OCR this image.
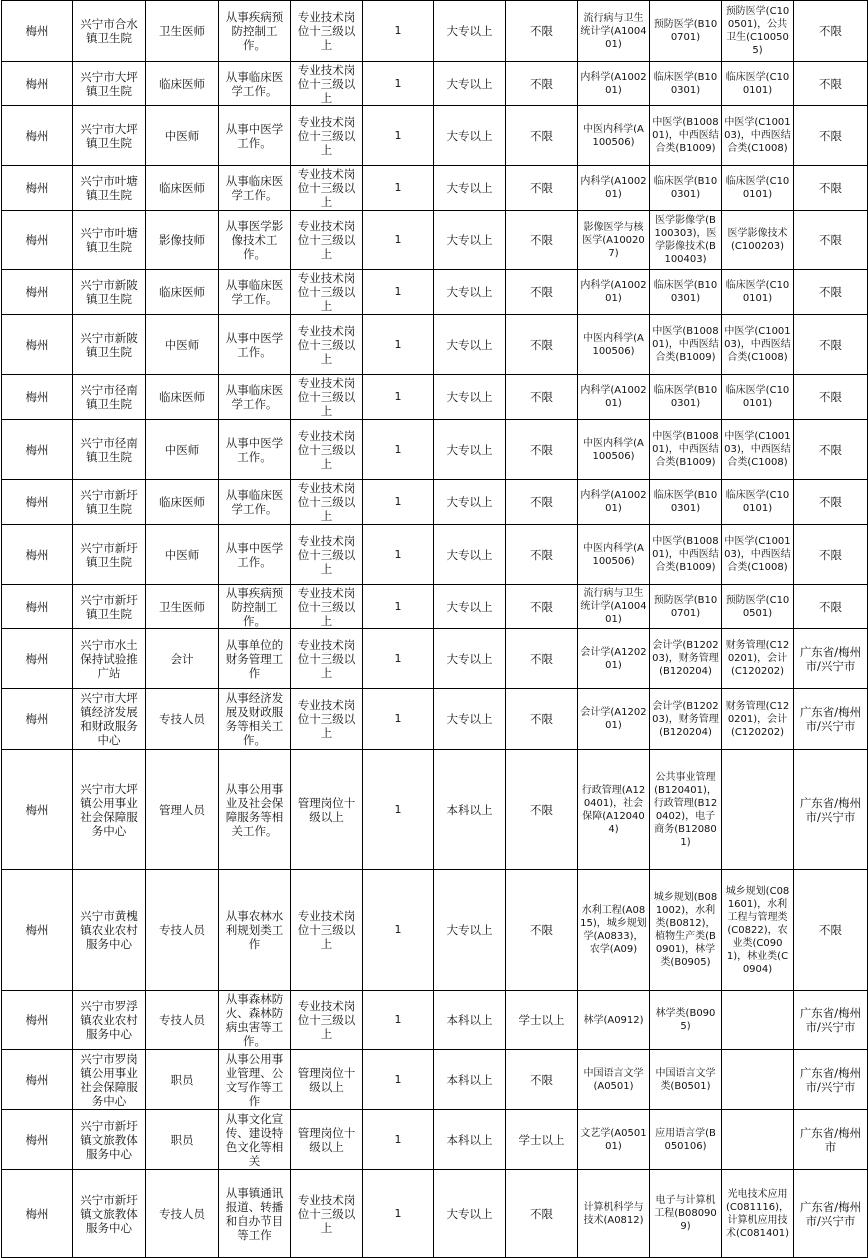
梅州	兴宁市合水镇卫生院	卫生医师	从事疾病预防控制工作。	专业技术岗位十三级以上	1	大专以上	不限	流行病与卫生统计学(A100401)	预防医学(B100701)	预防医学(C100501)，公共卫生(C100505)	不限
梅州	兴宁市大坪镇卫生院	临床医师	从事临床医学工作。	专业技术岗位十三级以上	1	大专以上	不限	内科学(A100201)	临床医学(B100301)	临床医学(C100101)	不限
梅州	兴宁市大坪镇卫生院	中医师	从事中医学工作。	专业技术岗位十三级以上	1	大专以上	不限	中医内科学(A100506)	中医学(B100801)，中西医结合类(B1009)	中医学(C100103)，中西医结合类(C1008)	不限
梅州	兴宁市叶塘镇卫生院	临床医师	从事临床医学工作。	专业技术岗位十三级以上	1	大专以上	不限	内科学(A100201)	临床医学(B100301)	临床医学(C100101)	不限
梅州	兴宁市叶塘镇卫生院	影像技师	从事医学影像技术工作。	专业技术岗位十三级以上	1	大专以上	不限	影像医学与核医学(A100207)	医学影像学(B100303)，医学影像技术(B100403)	医学影像技术(C100203)	不限
梅州	兴宁市新陂镇卫生院	临床医师	从事临床医学工作。	专业技术岗位十三级以上	1	大专以上	不限	内科学(A100201)	临床医学(B100301)	临床医学(C100101)	不限
梅州	兴宁市新陂镇卫生院	中医师	从事中医学工作。	专业技术岗位十三级以上	1	大专以上	不限	中医内科学(A100506)	中医学(B100801)，中西医结合类(B1009)	中医学(C100103)，中西医结合类(C1008)	不限
梅州	兴宁市径南镇卫生院	临床医师	从事临床医学工作。	专业技术岗位十三级以上	1	大专以上	不限	内科学(A100201)	临床医学(B100301)	临床医学(C100101)	不限
梅州	兴宁市径南镇卫生院	中医师	从事中医学工作。	专业技术岗位十三级以上	1	大专以上	不限	中医内科学(A100506)	中医学(B100801)，中西医结合类(B1009)	中医学(C100103)，中西医结合类(C1008)	不限
梅州	兴宁市新圩镇卫生院	临床医师	从事临床医学工作。	专业技术岗位十三级以上	1	大专以上	不限	内科学(A100201)	临床医学(B100301)	临床医学(C100101)	不限
梅州	兴宁市新圩镇卫生院	中医师	从事中医学工作。	专业技术岗位十三级以上	1	大专以上	不限	中医内科学(A100506)	中医学(B100801)，中西医结合类(B1009)	中医学(C100103)，中西医结合类(C1008)	不限
梅州	兴宁市新圩镇卫生院	卫生医师	从事疾病预防控制工作。	专业技术岗位十三级以上	1	大专以上	不限	流行病与卫生统计学(A100401)	预防医学(B100701)	预防医学(C100501)	不限
梅州	兴宁市水土保持试验推广站	会计	从事单位的财务管理工作	专业技术岗位十三级以上	1	大专以上	不限	会计学(A120201)	会计学(B120203)，财务管理(B120204)	财务管理(C120201)，会计(C120202)	广东省/梅州市/兴宁市
梅州	兴宁市大坪镇经济发展和财政服务中心	专技人员	从事经济发展及财政服务等相关工作。	专业技术岗位十三级以上	1	大专以上	不限	会计学(A120201)	会计学(B120203)，财务管理(B120204)	财务管理(C120201)，会计(C120202)	广东省/梅州市/兴宁市
梅州	兴宁市大坪镇公用事业社会保障服务中心	管理人员	从事公用事业及社会保障服务等相关工作。	管理岗位十级以上	1	本科以上	不限	行政管理(A120401)，社会保障(A120404)	公共事业管理(B120401)，行政管理(B120402)，电子商务(B120801)		广东省/梅州市/兴宁市
梅州	兴宁市黄槐镇农业农村服务中心	专技人员	从事农林水利规划类工作	专业技术岗位十三级以上	1	大专以上	不限	水利工程(A0815)，城乡规划学(A0833)，农学(A09)	城乡规划(B081002)，水利类(B0812)，植物生产类(B0901)，林学类(B0905)	城乡规划(C081601)，水利工程与管理类(C0822)，农业类(C0901)，林业类(C0904)	不限
梅州	兴宁市罗浮镇农业农村服务中心	专技人员	从事森林防火、森林防病虫害等工作。	专业技术岗位十三级以上	1	本科以上	学士以上	林学(A0912)	林学类(B0905)		广东省/梅州市/兴宁市
梅州	兴宁市罗岗镇公用事业社会保障服务中心	职员	从事公用事业管理、公文写作等工作	管理岗位十级以上	1	本科以上	不限	中国语言文学(A0501)	中国语言文学类(B0501)		广东省/梅州市/兴宁市
梅州	兴宁市新圩镇文旅教体服务中心	职员	从事文化宣传、建设特色文化等相关	管理岗位十级以上	1	本科以上	学士以上	文艺学(A050101)	应用语言学(B050106)		广东省/梅州市
梅州	兴宁市新圩镇文旅教体服务中心	专技人员	从事镇通讯报道、转播和自办节目等工作	专业技术岗位十三级以上	1	大专以上	不限	计算机科学与技术(A0812)	电子与计算机工程(B080909)	光电技术应用(C081116)，计算机应用技术(C081401)	广东省/梅州市/兴宁市
